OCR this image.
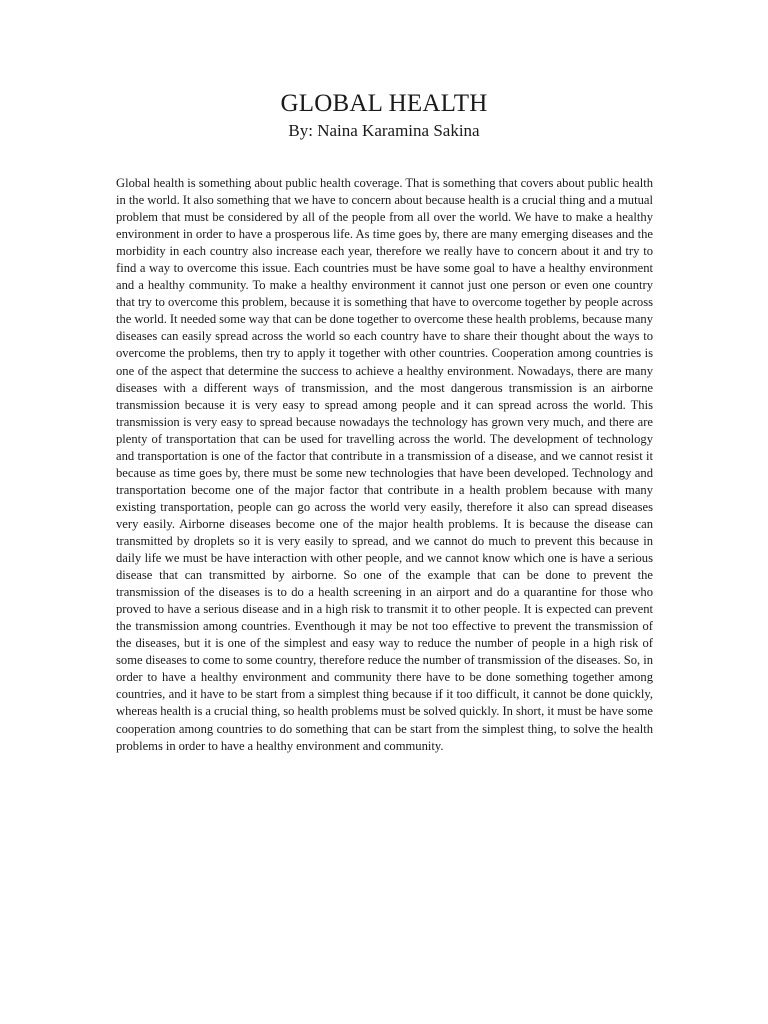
GLOBAL HEALTH

By: Naina Karamina Sakina

Global health is something about public health coverage. That is something that covers about public health in the world. It also something that we have to concern about because health is a crucial thing and a mutual problem that must be considered by all of the people from all over the world. We have to make a healthy environment in order to have a prosperous life. As time goes by, there are many emerging diseases and the morbidity in each country also increase each year, therefore we really have to concern about it and try to find a way to overcome this issue. Each countries must be have some goal to have a healthy environment and a healthy community. To make a healthy environment it cannot just one person or even one country that try to overcome this problem, because it is something that have to overcome together by people across the world. It needed some way that can be done together to overcome these health problems, because many diseases can easily spread across the world so each country have to share their thought about the ways to overcome the problems, then try to apply it together with other countries. Cooperation among countries is one of the aspect that determine the success to achieve a healthy environment. Nowadays, there are many diseases with a different ways of transmission, and the most dangerous transmission is an airborne transmission because it is very easy to spread among people and it can spread across the world. This transmission is very easy to spread because nowadays the technology has grown very much, and there are plenty of transportation that can be used for travelling across the world. The development of technology and transportation is one of the factor that contribute in a transmission of a disease, and we cannot resist it because as time goes by, there must be some new technologies that have been developed. Technology and transportation become one of the major factor that contribute in a health problem because with many existing transportation, people can go across the world very easily, therefore it also can spread diseases very easily. Airborne diseases become one of the major health problems. It is because the disease can transmitted by droplets so it is very easily to spread, and we cannot do much to prevent this because in daily life we must be have interaction with other people, and we cannot know which one is have a serious disease that can transmitted by airborne. So one of the example that can be done to prevent the transmission of the diseases is to do a health screening in an airport and do a quarantine for those who proved to have a serious disease and in a high risk to transmit it to other people. It is expected can prevent the transmission among countries. Eventhough it may be not too effective to prevent the transmission of the diseases, but it is one of the simplest and easy way to reduce the number of people in a high risk of some diseases to come to some country, therefore reduce the number of transmission of the diseases. So, in order to have a healthy environment and community there have to be done something together among countries, and it have to be start from a simplest thing because if it too difficult, it cannot be done quickly, whereas health is a crucial thing, so health problems must be solved quickly. In short, it must be have some cooperation among countries to do something that can be start from the simplest thing, to solve the health problems in order to have a healthy environment and community.
